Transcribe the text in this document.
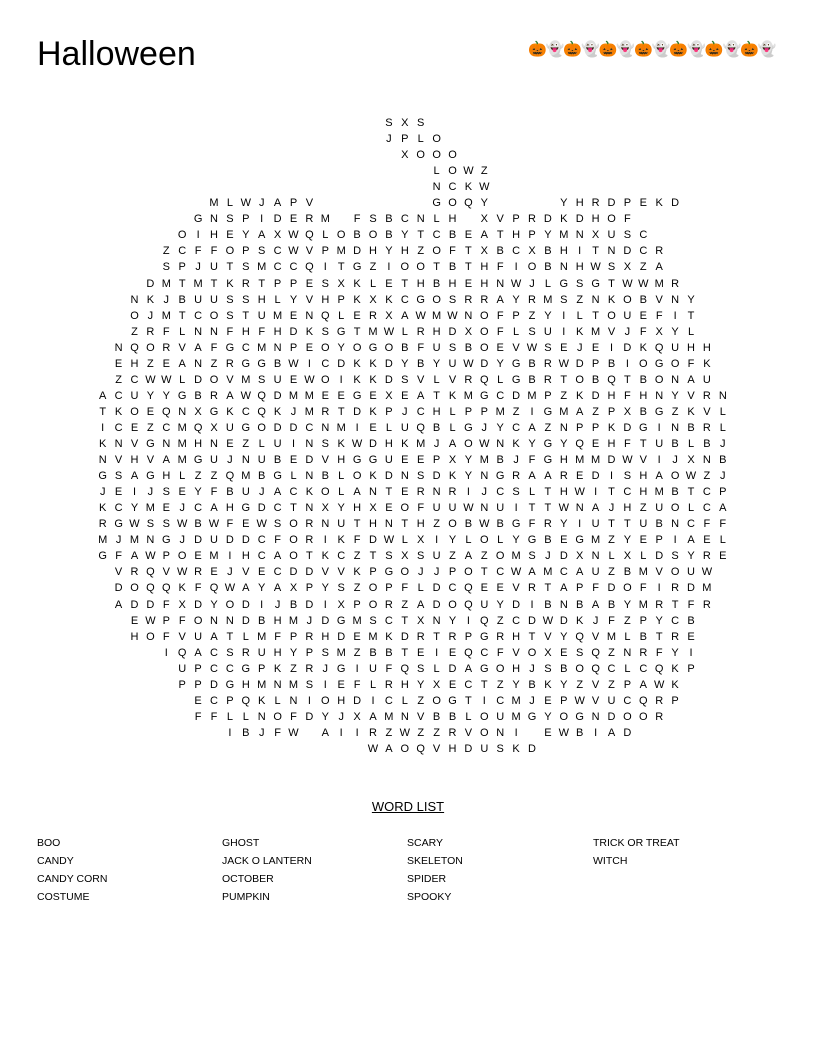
Halloween	🎃👻🎃👻🎃👻🎃👻🎃👻🎃👻🎃👻
S X S
J P L O
X O O O
L O W Z
N C K W
M L W J A P V	G O Q Y	Y H R D P E K D
G N S P I D E R M	F S B C N L H	X V P R D K D H O F
O I H E Y A X W Q L O B O B Y T C B E A T H P Y M N X U S C
Z C F F O P S C W V P M D H Y H Z O F T X B C X B H I	T N D C R
S P J U T S M C C Q I T G Z	I O O T B T H F	I O B N H W S X Z A
D M T M T K R T P P E S X K L E T H B H E H N W J L G S G T W W M R
N K J B U U S S H L Y V H P K X K C G O S R R A Y R M S Z N K O B V N Y
O J M T C O S T U M E N Q L E R X A W M W N O F P Z Y I	L T O U E F	I	T
Z R F L N N F H F H D K S G T M W L R H D X O F L S U I K M V J F X Y L
N Q O R V A F G C M N P E O Y O G O B F U S B O E V W S E J E I D K Q U H H
E H Z E A N Z R G G B W I C D K K D Y B Y U W D Y G B R W D P B I O G O F K
Z C W W L D O V M S U E W O I K K D S V L V R Q L G B R T O B Q T B O N A U
A C U Y Y G B R A W Q D M M E E G E X E A T K M G C D M P Z K D H F H N Y V R N
T K O E Q N X G K C Q K J M R T D K P J C H L P P M Z	I G M A Z P X B G Z K V L
I C E Z C M Q X U G O D D C N M I E L U Q B L G J Y C A Z N P P K D G I N B R L
K N V G N M H N E Z L U I N S K W D H K M J A O W N K Y G Y Q E H F T U B L B J
N V H V A M G U J N U B E D V H G G U E E P X Y M B J F G H M M D W V I	J X N B
G S A G H L Z Z Q M B G L N B L O K D N S D K Y N G R A A R E D I S H A O W Z J
J E I	J S E Y F B U J A C K O L A N T E R N R I	J C S L T H W I	T C H M B T C P
K C Y M E J C A H G D C T N X Y H X E O F U U W N U I	T T W N A J H Z U O L C A
R G W S S W B W F E W S O R N U T H N T H Z O B W B G F R Y I U T T U B N C F F
M J M N G J D U D D C F O R I K F D W L X I Y L O L Y G B E G M Z Y E P I A E L
G F A W P O E M I H C A O T K C Z T S X S U Z A Z O M S J D X N L X L D S Y R E
V R Q V W R E J V E C D D V V K P G O J J P O T C W A M C A U Z B M V O U W
D O Q Q K F Q W A Y A X P Y S Z O P F L D C Q E E V R T A P F D O F	I R D M
A D D F X D Y O D I	J B D I X P O R Z A D O Q U Y D I B N B A B Y M R T F R
E W P F O N N D B H M J D G M S C T X N Y I Q Z C D W D K J F Z P Y C B
H O F V U A T L M F P R H D E M K D R T R P G R H T V Y Q V M L B T R E
I Q A C S R U H Y P S M Z B B T E I E Q C F V O X E S Q Z N R F Y I
U P C C G P K Z R J G I U F Q S L D A G O H J S B O Q C L C Q K P
P P D G H M N M S I E F L R H Y X E C T Z Y B K Y Z V Z P A W K
E C P Q K L N I O H D I C L Z O G T	I C M J E P W V U C Q R P
F F L L N O F D Y J X A M N V B B L O U M G Y O G N D O O R
I B J F W	A I	I R Z W Z Z R V O N I	E W B I A D
W A O Q V H D U S K D
WORD LIST
BOO
CANDY
CANDY CORN
COSTUME
GHOST
JACK O LANTERN
OCTOBER
PUMPKIN
SCARY
SKELETON
SPIDER
SPOOKY
TRICK OR TREAT
WITCH
